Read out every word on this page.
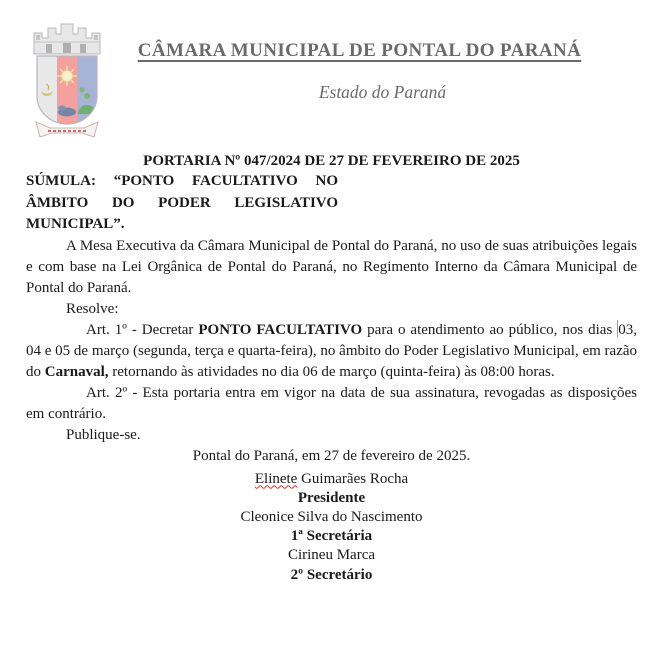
CÂMARA MUNICIPAL DE PONTAL DO PARANÁ
Estado do Paraná

PORTARIA Nº 047/2024 DE 27 DE FEVEREIRO DE 2025

SÚMULA: “PONTO FACULTATIVO NO ÂMBITO DO PODER LEGISLATIVO MUNICIPAL”.

A Mesa Executiva da Câmara Municipal de Pontal do Paraná, no uso de suas atribuições legais e com base na Lei Orgânica de Pontal do Paraná, no Regimento Interno da Câmara Municipal de Pontal do Paraná.

Resolve:

Art. 1º - Decretar PONTO FACULTATIVO para o atendimento ao público, nos dias 03, 04 e 05 de março (segunda, terça e quarta-feira), no âmbito do Poder Legislativo Municipal, em razão do Carnaval, retornando às atividades no dia 06 de março (quinta-feira) às 08:00 horas.

Art. 2º - Esta portaria entra em vigor na data de sua assinatura, revogadas as disposições em contrário.

Publique-se.

Pontal do Paraná, em 27 de fevereiro de 2025.

Elinete Guimarães Rocha
Presidente
Cleonice Silva do Nascimento
1ª Secretária
Cirineu Marca
2º Secretário
